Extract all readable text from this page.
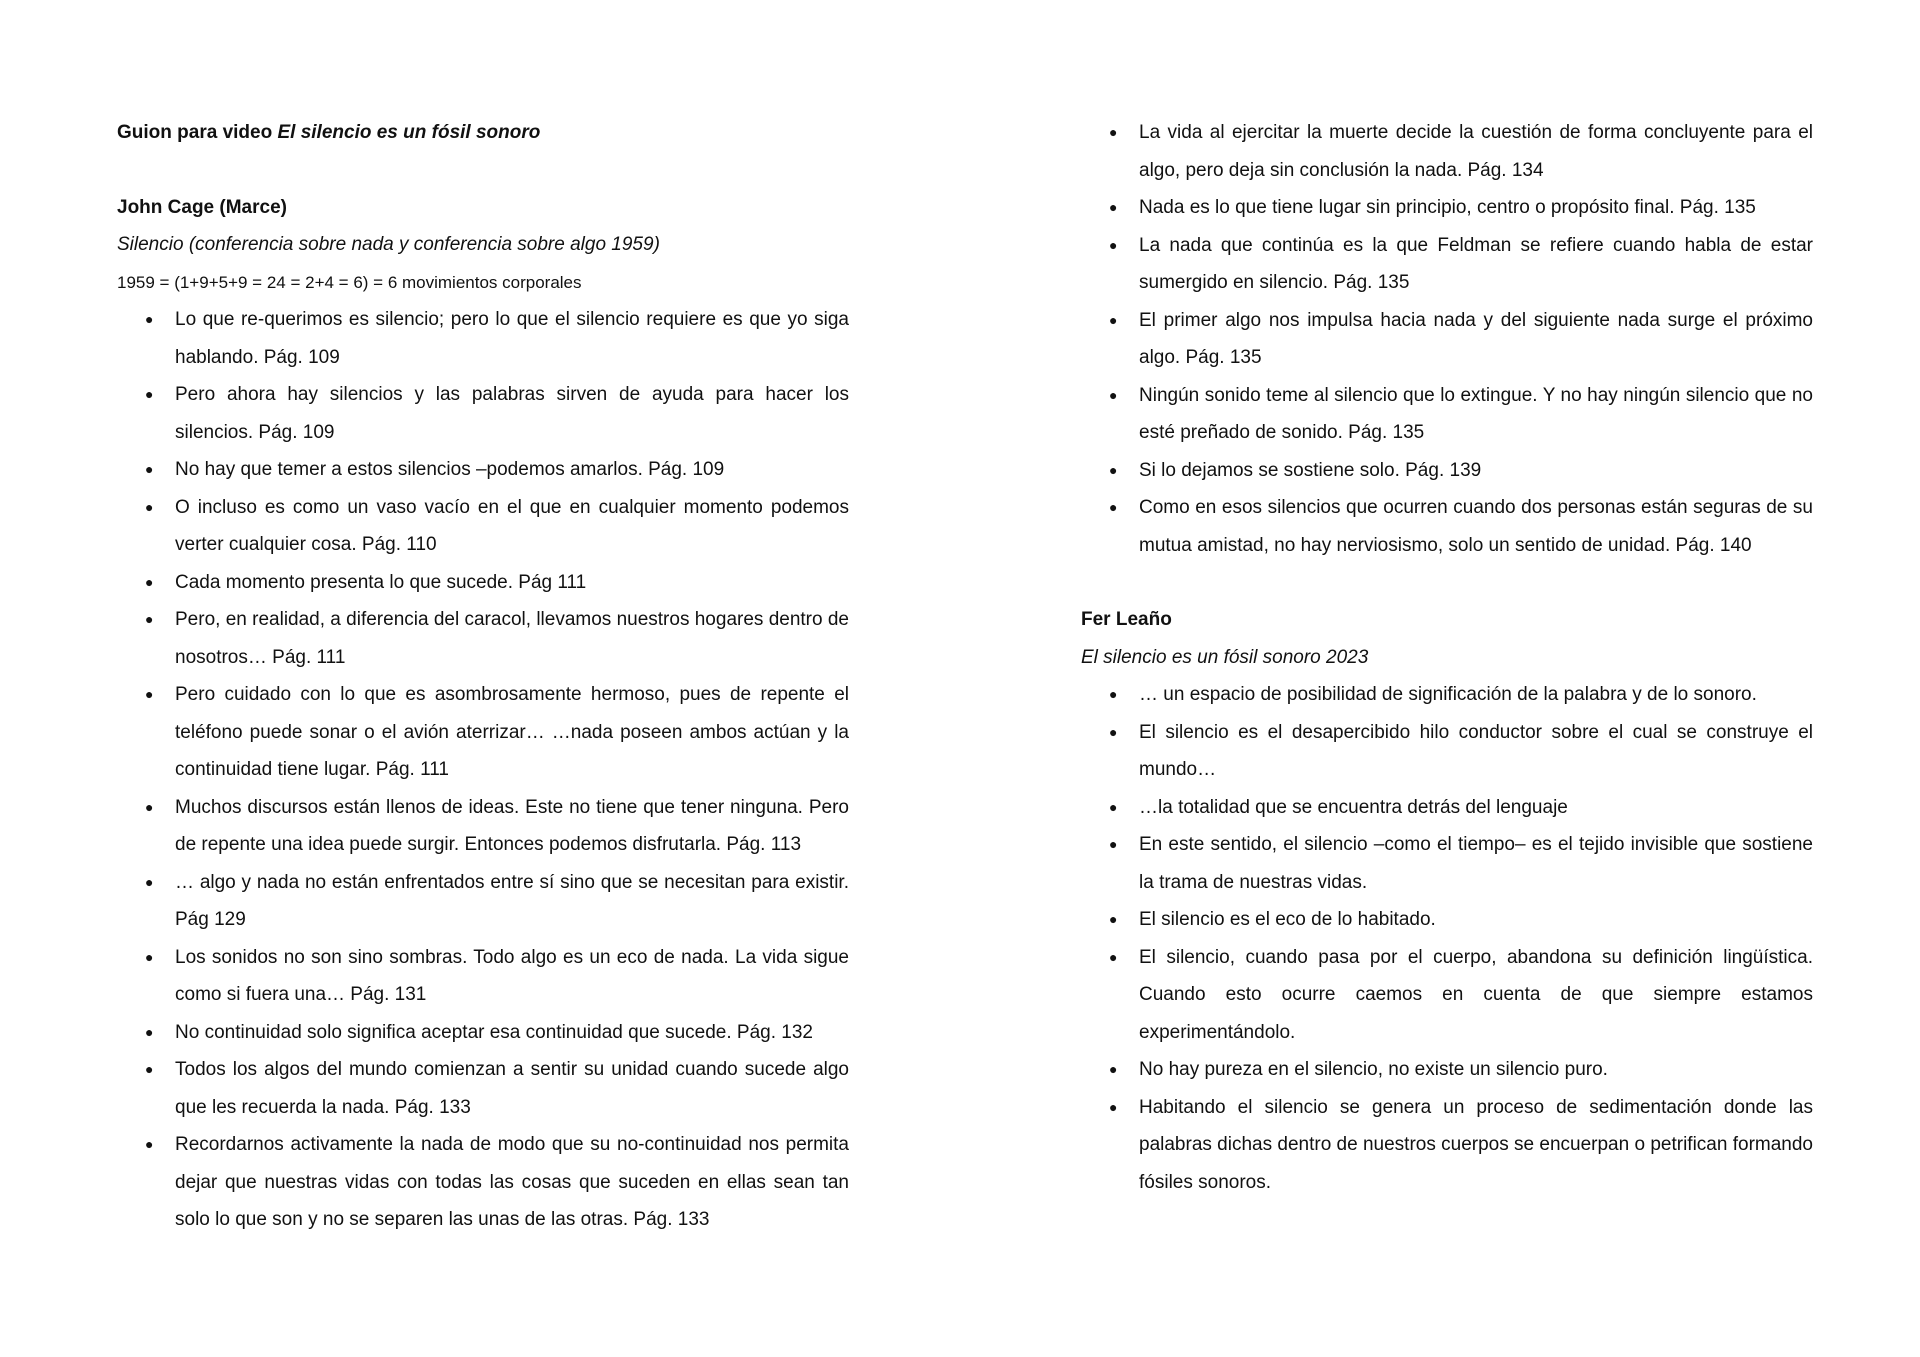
Guion para video El silencio es un fósil sonoro

John Cage (Marce)

Silencio (conferencia sobre nada y conferencia sobre algo 1959)

1959 = (1+9+5+9 = 24 = 2+4 = 6) = 6 movimientos corporales

● Lo que re-querimos es silencio; pero lo que el silencio requiere es que yo siga hablando. Pág. 109
● Pero ahora hay silencios y las palabras sirven de ayuda para hacer los silencios. Pág. 109
● No hay que temer a estos silencios –podemos amarlos. Pág. 109
● O incluso es como un vaso vacío en el que en cualquier momento podemos verter cualquier cosa. Pág. 110
● Cada momento presenta lo que sucede. Pág 111
● Pero, en realidad, a diferencia del caracol, llevamos nuestros hogares dentro de nosotros… Pág. 111
● Pero cuidado con lo que es asombrosamente hermoso, pues de repente el teléfono puede sonar o el avión aterrizar… …nada poseen ambos actúan y la continuidad tiene lugar. Pág. 111
● Muchos discursos están llenos de ideas. Este no tiene que tener ninguna. Pero de repente una idea puede surgir. Entonces podemos disfrutarla. Pág. 113
● … algo y nada no están enfrentados entre sí sino que se necesitan para existir. Pág 129
● Los sonidos no son sino sombras. Todo algo es un eco de nada. La vida sigue como si fuera una… Pág. 131
● No continuidad solo significa aceptar esa continuidad que sucede. Pág. 132
● Todos los algos del mundo comienzan a sentir su unidad cuando sucede algo que les recuerda la nada. Pág. 133
● Recordarnos activamente la nada de modo que su no-continuidad nos permita dejar que nuestras vidas con todas las cosas que suceden en ellas sean tan solo lo que son y no se separen las unas de las otras. Pág. 133
● La vida al ejercitar la muerte decide la cuestión de forma concluyente para el algo, pero deja sin conclusión la nada. Pág. 134
● Nada es lo que tiene lugar sin principio, centro o propósito final. Pág. 135
● La nada que continúa es la que Feldman se refiere cuando habla de estar sumergido en silencio. Pág. 135
● El primer algo nos impulsa hacia nada y del siguiente nada surge el próximo algo. Pág. 135
● Ningún sonido teme al silencio que lo extingue. Y no hay ningún silencio que no esté preñado de sonido. Pág. 135
● Si lo dejamos se sostiene solo. Pág. 139
● Como en esos silencios que ocurren cuando dos personas están seguras de su mutua amistad, no hay nerviosismo, solo un sentido de unidad. Pág. 140

Fer Leaño

El silencio es un fósil sonoro 2023

● … un espacio de posibilidad de significación de la palabra y de lo sonoro.
● El silencio es el desapercibido hilo conductor sobre el cual se construye el mundo…
● …la totalidad que se encuentra detrás del lenguaje
● En este sentido, el silencio –como el tiempo– es el tejido invisible que sostiene la trama de nuestras vidas.
● El silencio es el eco de lo habitado.
● El silencio, cuando pasa por el cuerpo, abandona su definición lingüística. Cuando esto ocurre caemos en cuenta de que siempre estamos experimentándolo.
● No hay pureza en el silencio, no existe un silencio puro.
● Habitando el silencio se genera un proceso de sedimentación donde las palabras dichas dentro de nuestros cuerpos se encuerpan o petrifican formando fósiles sonoros.
